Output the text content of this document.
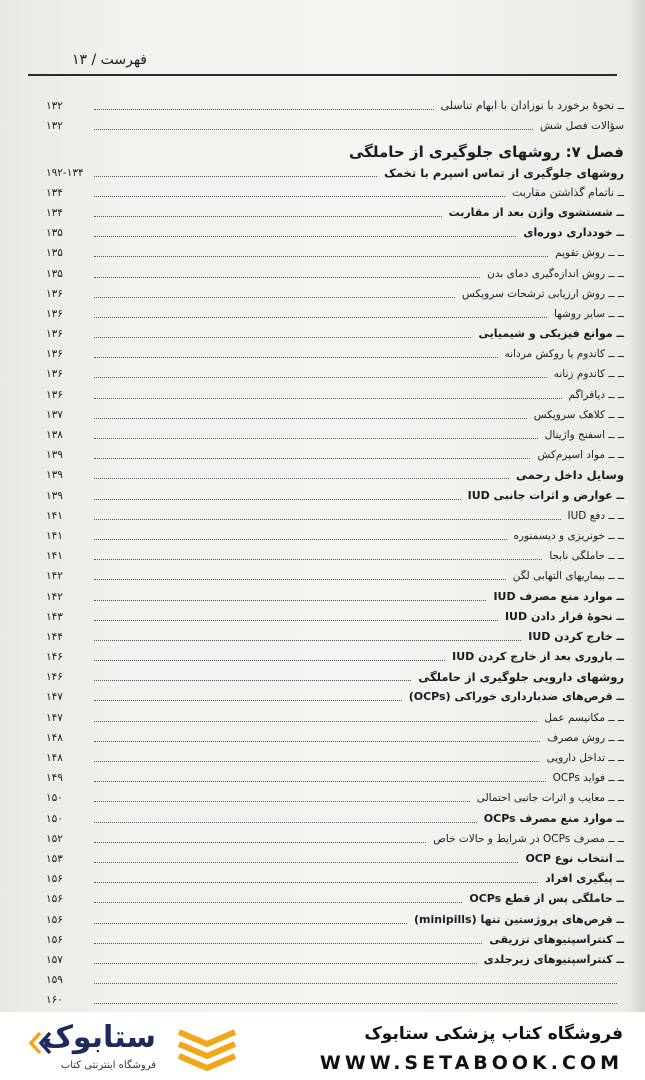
فهرست / ۱۳
ــ نحوهٔ برخورد با نوزادان با ابهام تناسلی
۱۳۲
سؤالات فصل شش
۱۳۲
فصل ۷: روشهای جلوگیری از حاملگی
روشهای جلوگیری از تماس اسپرم با تخمک
۱۹۲-۱۳۴
ــ ناتمام گذاشتن مقاربت
۱۳۴
ــ شستشوی واژن بعد از مقاربت
۱۳۴
ــ خودداری دوره‌ای
۱۳۵
ــ ــ روش تقویم
۱۳۵
ــ ــ روش اندازه‌گیری دمای بدن
۱۳۵
ــ ــ روش ارزیابی ترشحات سرویکس
۱۳۶
ــ ــ سایر روشها
۱۳۶
ــ موانع فیزیکی و شیمیایی
۱۳۶
ــ ــ کاندوم یا روکش مردانه
۱۳۶
ــ ــ کاندوم زنانه
۱۳۶
ــ ــ دیافراگم
۱۳۶
ــ ــ کلاهک سرویکس
۱۳۷
ــ ــ اسفنج واژینال
۱۳۸
ــ ــ مواد اسپرم‌کش
۱۳۹
وسایل داخل رحمی
۱۳۹
ــ عوارض و اثرات جانبی IUD
۱۳۹
ــ ــ دفع IUD
۱۴۱
ــ ــ خونریزی و دیسمنوره
۱۴۱
ــ ــ حاملگی نابجا
۱۴۱
ــ ــ بیماریهای التهابی لگن
۱۴۲
ــ موارد منع مصرف IUD
۱۴۲
ــ نحوهٔ قرار دادن IUD
۱۴۳
ــ خارج کردن IUD
۱۴۴
ــ باروری بعد از خارج کردن IUD
۱۴۶
روشهای دارویی جلوگیری از حاملگی
۱۴۶
ــ قرص‌های ضدبارداری خوراکی (OCPs)
۱۴۷
ــ ــ مکانیسم عمل
۱۴۷
ــ ــ روش مصرف
۱۴۸
ــ ــ تداخل دارویی
۱۴۸
ــ ــ فواید OCPs
۱۴۹
ــ ــ معایب و اثرات جانبی احتمالی
۱۵۰
ــ موارد منع مصرف OCPs
۱۵۰
ــ ــ مصرف OCPs در شرایط و حالات خاص
۱۵۲
ــ انتخاب نوع OCP
۱۵۳
ــ پیگیری افراد
۱۵۶
ــ حاملگی پس از قطع OCPs
۱۵۶
ــ قرص‌های پروژستین تنها (minipills)
۱۵۶
ــ کنتراسپتیوهای تزریقی
۱۵۶
ــ کنتراسپتیوهای زیرجلدی
۱۵۷
۱۵۹
۱۶۰
ستابوک
فروشگاه اینترنتی کتاب
فروشگاه کتاب پزشکی ستابوک
WWW.SETABOOK.COM
